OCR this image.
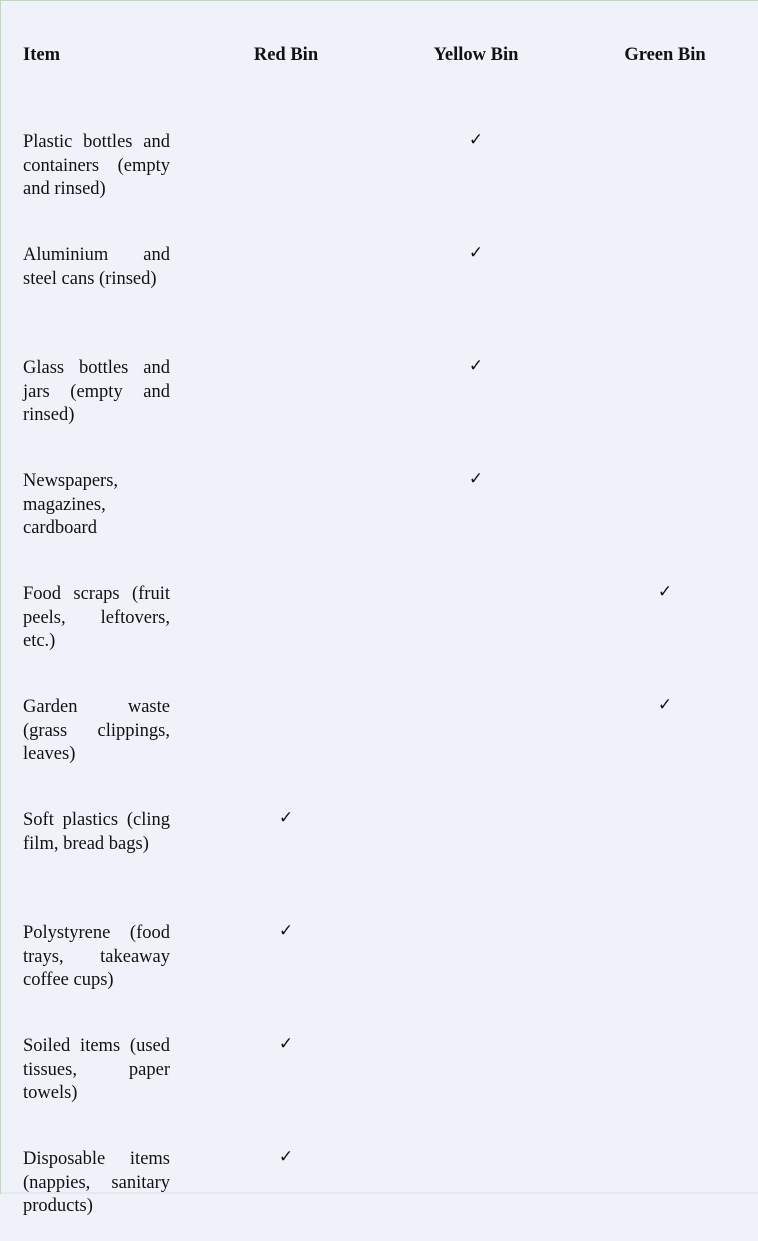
Item	Red Bin	Yellow Bin	Green Bin

Plastic bottles and containers (empty and rinsed)		✓	

Aluminium and steel cans (rinsed)		✓	

Glass bottles and jars (empty and rinsed)		✓	

Newspapers, magazines, cardboard		✓	

Food scraps (fruit peels, leftovers, etc.)			✓

Garden waste (grass clippings, leaves)			✓

Soft plastics (cling film, bread bags)	✓		

Polystyrene (food trays, takeaway coffee cups)	✓		

Soiled items (used tissues, paper towels)	✓		

Disposable items (nappies, sanitary products)	✓		
